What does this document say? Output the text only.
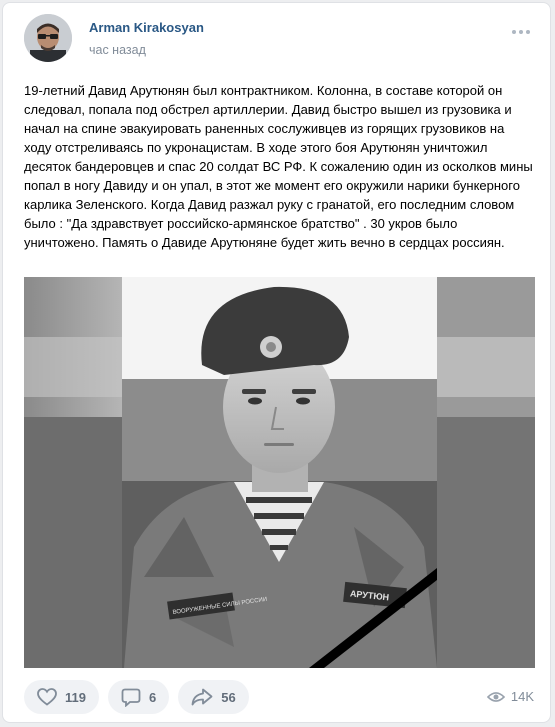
Arman Kirakosyan
час назад
19-летний Давид Арутюнян был контрактником. Колонна, в составе которой он следовал, попала под обстрел артиллерии. Давид быстро вышел из грузовика и начал на спине эвакуировать раненных сослуживцев из горящих грузовиков на ходу отстреливаясь по укронацистам. В ходе этого боя Арутюнян уничтожил десяток бандеровцев и спас 20 солдат ВС РФ. К сожалению один из осколков мины попал в ногу Давиду и он упал, в этот же момент его окружили нарики бункерного карлика Зеленского. Когда Давид разжал руку с гранатой, его последним словом было : "Да здравствует российско-армянское братство" . 30 укров было уничтожено. Память о Давиде Арутюняне будет жить вечно в сердцах россиян.
ВООРУЖЕННЫЕ СИЛЫ РОССИИ
АРУТЮН
119	6	56	14K
